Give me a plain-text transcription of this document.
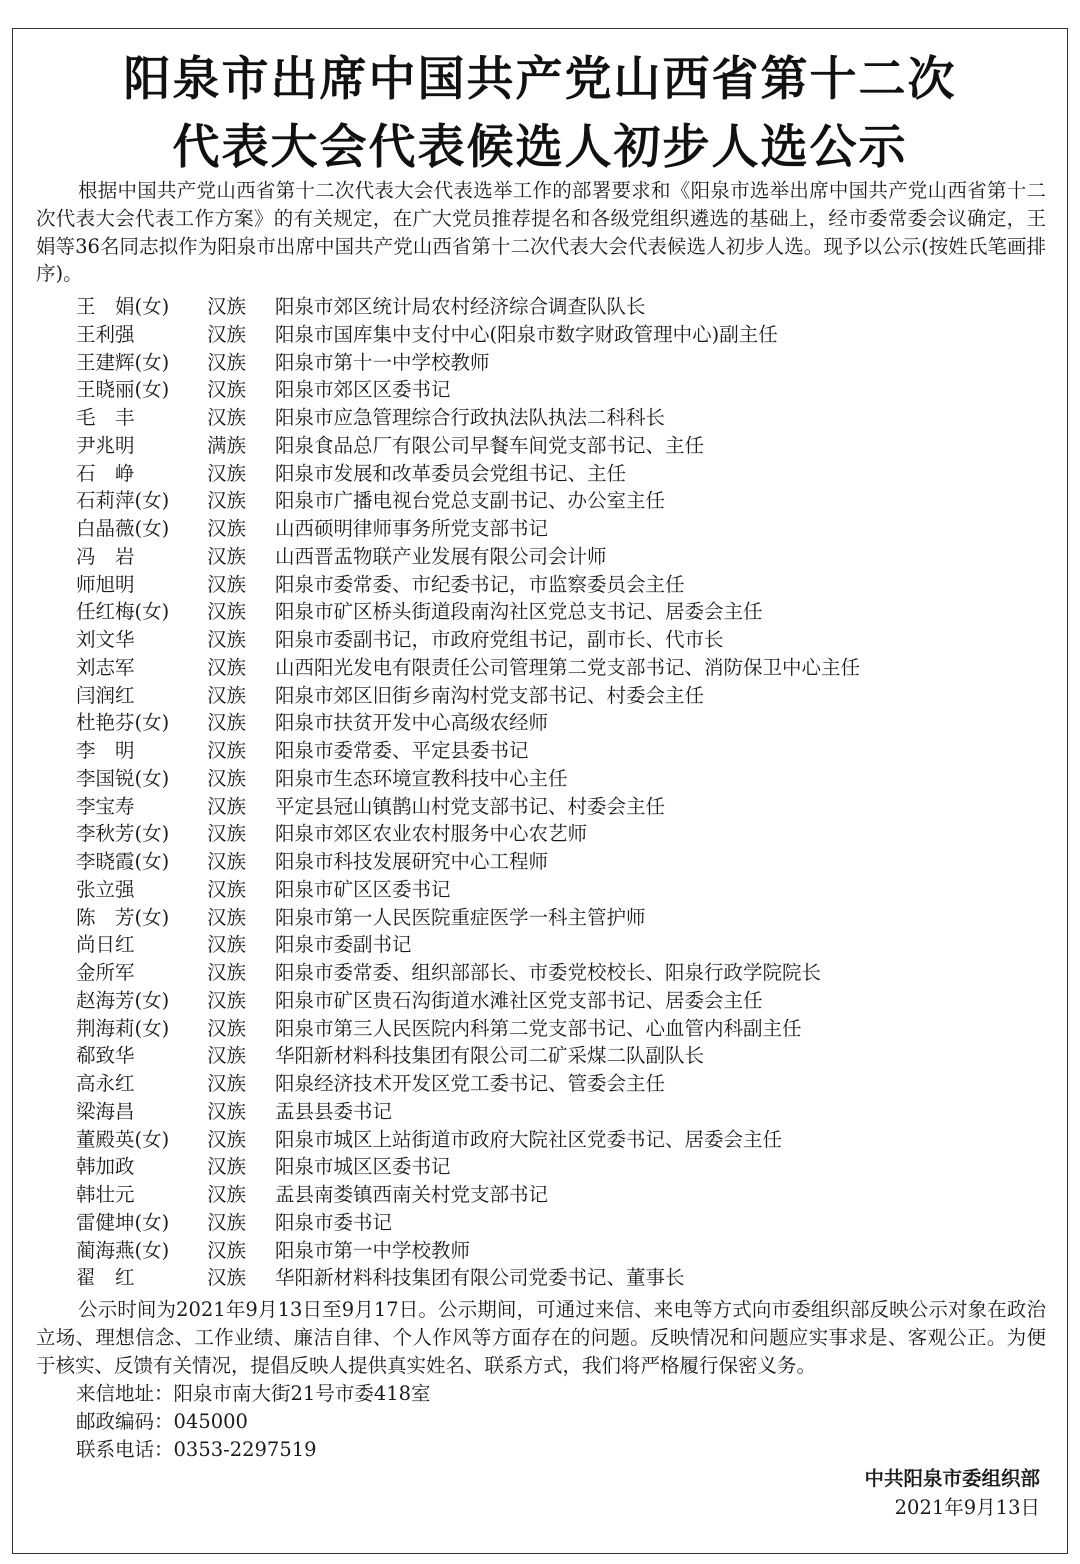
阳泉市出席中国共产党山西省第十二次
代表大会代表候选人初步人选公示
根据中国共产党山西省第十二次代表大会代表选举工作的部署要求和《阳泉市选举出席中国共产党山西省第十二次代表大会代表工作方案》的有关规定，在广大党员推荐提名和各级党组织遴选的基础上，经市委常委会议确定，王娟等36名同志拟作为阳泉市出席中国共产党山西省第十二次代表大会代表候选人初步人选。现予以公示(按姓氏笔画排序)。
王　娟(女)	汉族 阳泉市郊区统计局农村经济综合调查队队长
王利强	汉族 阳泉市国库集中支付中心(阳泉市数字财政管理中心)副主任
王建辉(女)	汉族 阳泉市第十一中学校教师
王晓丽(女)	汉族 阳泉市郊区区委书记
毛　丰	汉族 阳泉市应急管理综合行政执法队执法二科科长
尹兆明	满族 阳泉食品总厂有限公司早餐车间党支部书记、主任
石　峥	汉族 阳泉市发展和改革委员会党组书记、主任
石莉萍(女)	汉族 阳泉市广播电视台党总支副书记、办公室主任
白晶薇(女)	汉族 山西硕明律师事务所党支部书记
冯　岩	汉族 山西晋盂物联产业发展有限公司会计师
师旭明	汉族 阳泉市委常委、市纪委书记，市监察委员会主任
任红梅(女)	汉族 阳泉市矿区桥头街道段南沟社区党总支书记、居委会主任
刘文华	汉族 阳泉市委副书记，市政府党组书记，副市长、代市长
刘志军	汉族 山西阳光发电有限责任公司管理第二党支部书记、消防保卫中心主任
闫润红	汉族 阳泉市郊区旧街乡南沟村党支部书记、村委会主任
杜艳芬(女)	汉族 阳泉市扶贫开发中心高级农经师
李　明	汉族 阳泉市委常委、平定县委书记
李国锐(女)	汉族 阳泉市生态环境宣教科技中心主任
李宝寿	汉族 平定县冠山镇鹊山村党支部书记、村委会主任
李秋芳(女)	汉族 阳泉市郊区农业农村服务中心农艺师
李晓霞(女)	汉族 阳泉市科技发展研究中心工程师
张立强	汉族 阳泉市矿区区委书记
陈　芳(女)	汉族 阳泉市第一人民医院重症医学一科主管护师
尚日红	汉族 阳泉市委副书记
金所军	汉族 阳泉市委常委、组织部部长、市委党校校长、阳泉行政学院院长
赵海芳(女)	汉族 阳泉市矿区贵石沟街道水滩社区党支部书记、居委会主任
荆海莉(女)	汉族 阳泉市第三人民医院内科第二党支部书记、心血管内科副主任
郗致华	汉族 华阳新材料科技集团有限公司二矿采煤二队副队长
高永红	汉族 阳泉经济技术开发区党工委书记、管委会主任
梁海昌	汉族 盂县县委书记
董殿英(女)	汉族 阳泉市城区上站街道市政府大院社区党委书记、居委会主任
韩加政	汉族 阳泉市城区区委书记
韩壮元	汉族 盂县南娄镇西南关村党支部书记
雷健坤(女)	汉族 阳泉市委书记
蔺海燕(女)	汉族 阳泉市第一中学校教师
翟　红	汉族 华阳新材料科技集团有限公司党委书记、董事长
公示时间为2021年9月13日至9月17日。公示期间，可通过来信、来电等方式向市委组织部反映公示对象在政治立场、理想信念、工作业绩、廉洁自律、个人作风等方面存在的问题。反映情况和问题应实事求是、客观公正。为便于核实、反馈有关情况，提倡反映人提供真实姓名、联系方式，我们将严格履行保密义务。
来信地址：阳泉市南大街21号市委418室
邮政编码：045000
联系电话：0353-2297519
中共阳泉市委组织部
2021年9月13日
